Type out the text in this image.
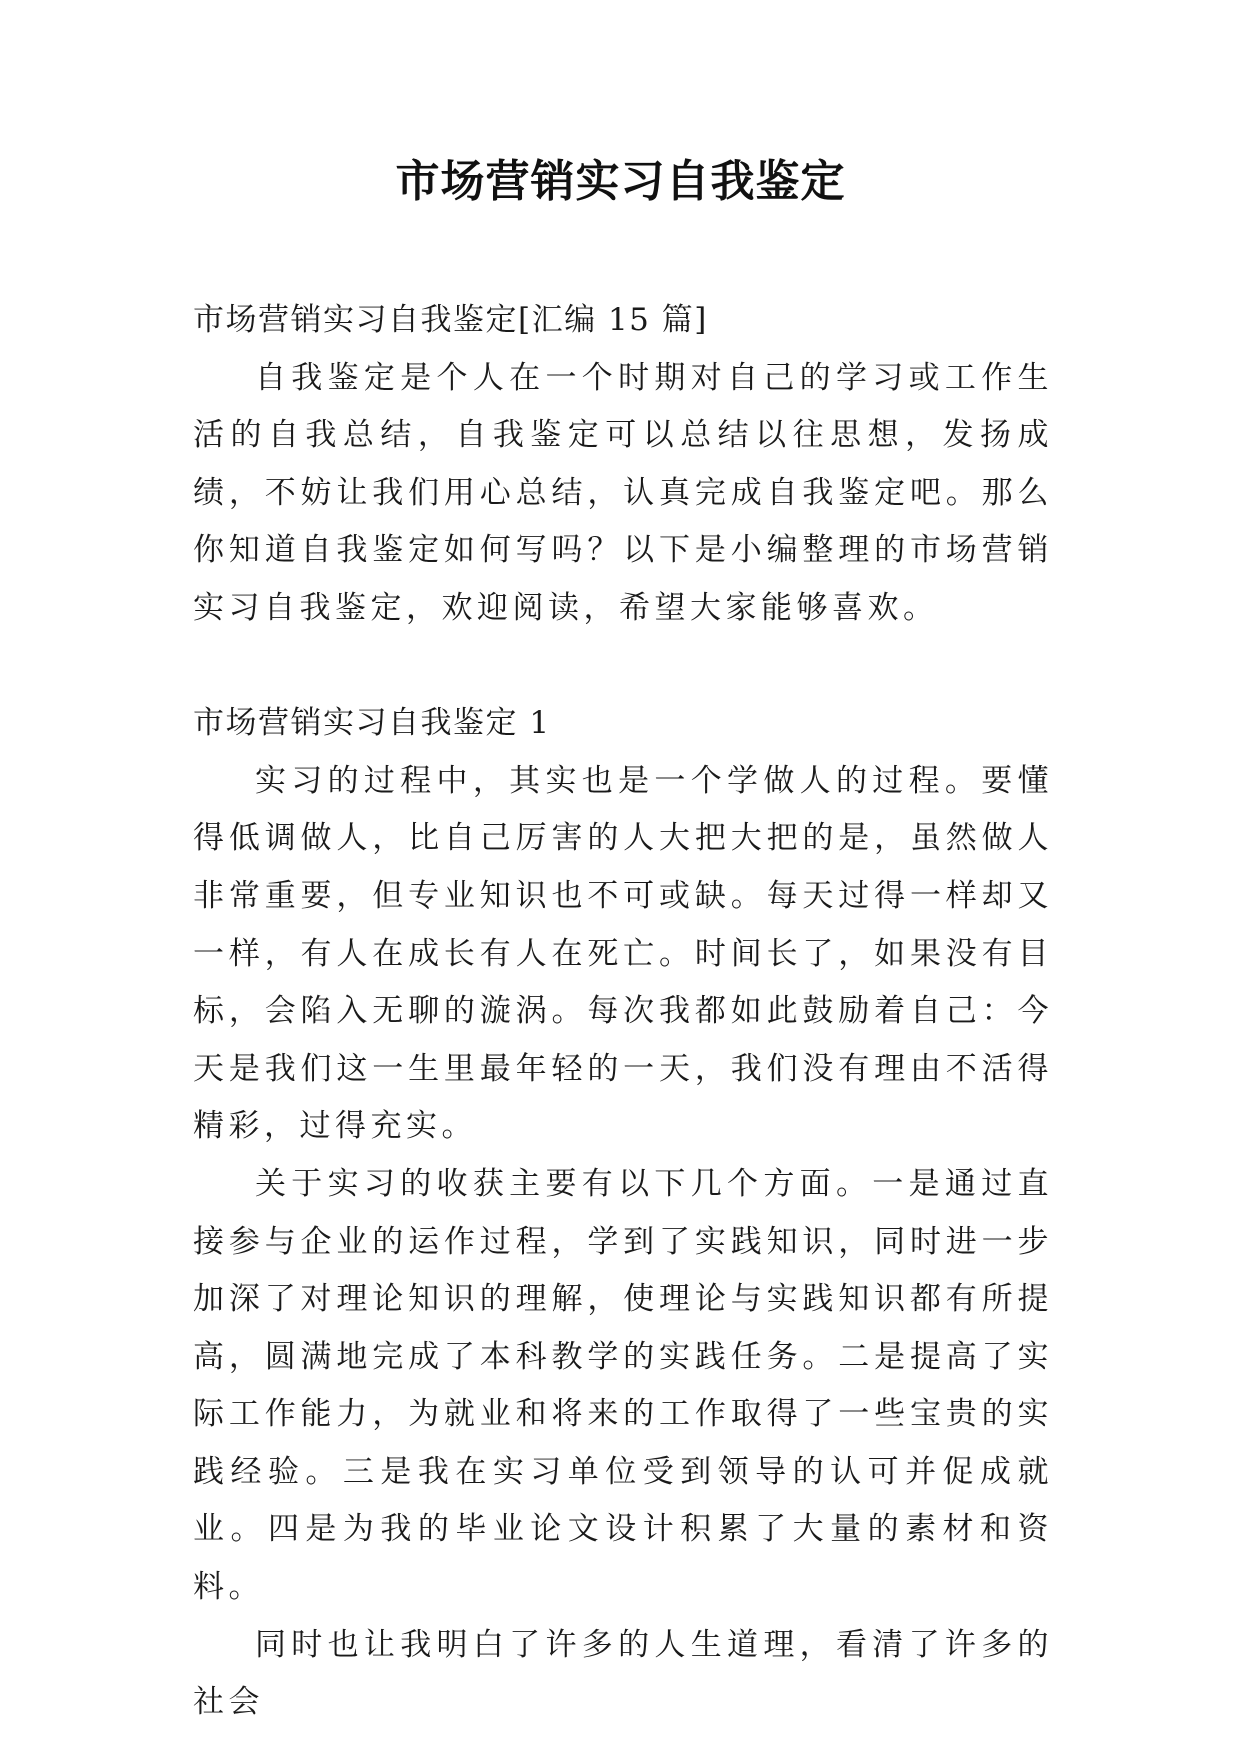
市场营销实习自我鉴定

市场营销实习自我鉴定[汇编 15 篇]

自我鉴定是个人在一个时期对自己的学习或工作生活的自我总结，自我鉴定可以总结以往思想，发扬成绩，不妨让我们用心总结，认真完成自我鉴定吧。那么你知道自我鉴定如何写吗？以下是小编整理的市场营销实习自我鉴定，欢迎阅读，希望大家能够喜欢。

市场营销实习自我鉴定 1

实习的过程中，其实也是一个学做人的过程。要懂得低调做人，比自己厉害的人大把大把的是，虽然做人非常重要，但专业知识也不可或缺。每天过得一样却又一样，有人在成长有人在死亡。时间长了，如果没有目标，会陷入无聊的漩涡。每次我都如此鼓励着自己：今天是我们这一生里最年轻的一天，我们没有理由不活得精彩，过得充实。

关于实习的收获主要有以下几个方面。一是通过直接参与企业的运作过程，学到了实践知识，同时进一步加深了对理论知识的理解，使理论与实践知识都有所提高，圆满地完成了本科教学的实践任务。二是提高了实际工作能力，为就业和将来的工作取得了一些宝贵的实践经验。三是我在实习单位受到领导的认可并促成就业。四是为我的毕业论文设计积累了大量的素材和资料。

同时也让我明白了许多的人生道理，看清了许多的社会
